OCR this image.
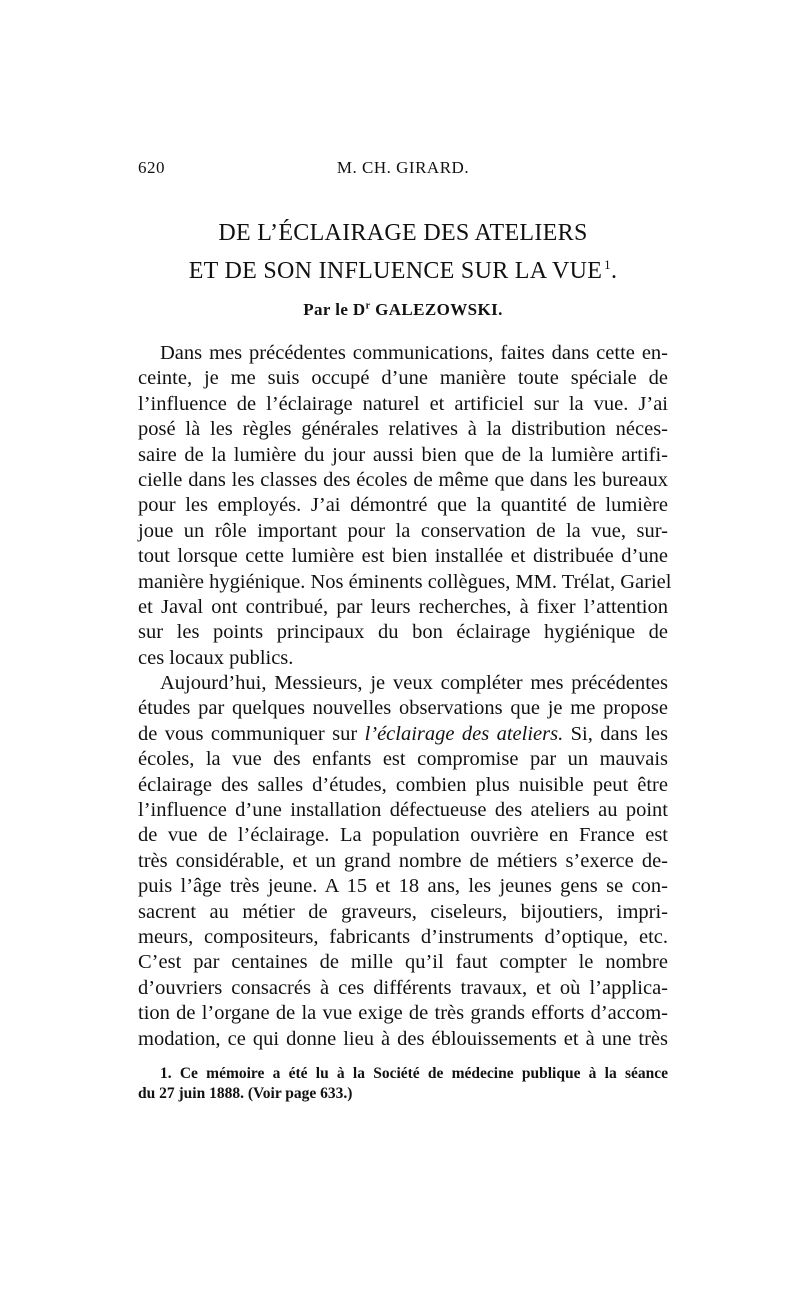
620	M. CH. GIRARD.
DE L’ÉCLAIRAGE DES ATELIERS
ET DE SON INFLUENCE SUR LA VUE $^1$.
Par le $D^r$ GALEZOWSKI.
Dans mes précédentes communications, faites dans cette en-
ceinte, je me suis occupé d’une manière toute spéciale de
l’influence de l’éclairage naturel et artificiel sur la vue. J’ai
posé là les règles générales relatives à la distribution néces-
saire de la lumière du jour aussi bien que de la lumière artifi-
cielle dans les classes des écoles de même que dans les bureaux
pour les employés. J’ai démontré que la quantité de lumière
joue un rôle important pour la conservation de la vue, sur-
tout lorsque cette lumière est bien installée et distribuée d’une
manière hygiénique. Nos éminents collègues, MM. Trélat, Gariel
et Javal ont contribué, par leurs recherches, à fixer l’attention
sur les points principaux du bon éclairage hygiénique de
ces locaux publics.
Aujourd’hui, Messieurs, je veux compléter mes précédentes
études par quelques nouvelles observations que je me propose
de vous communiquer sur l’éclairage des ateliers. Si, dans les
écoles, la vue des enfants est compromise par un mauvais
éclairage des salles d’études, combien plus nuisible peut être
l’influence d’une installation défectueuse des ateliers au point
de vue de l’éclairage. La population ouvrière en France est
très considérable, et un grand nombre de métiers s’exerce de-
puis l’âge très jeune. A 15 et 18 ans, les jeunes gens se con-
sacrent au métier de graveurs, ciseleurs, bijoutiers, impri-
meurs, compositeurs, fabricants d’instruments d’optique, etc.
C’est par centaines de mille qu’il faut compter le nombre
d’ouvriers consacrés à ces différents travaux, et où l’applica-
tion de l’organe de la vue exige de très grands efforts d’accom-
modation, ce qui donne lieu à des éblouissements et à une très
1. Ce mémoire a été lu à la Société de médecine publique à la séance
du 27 juin 1888. (Voir page 633.)
